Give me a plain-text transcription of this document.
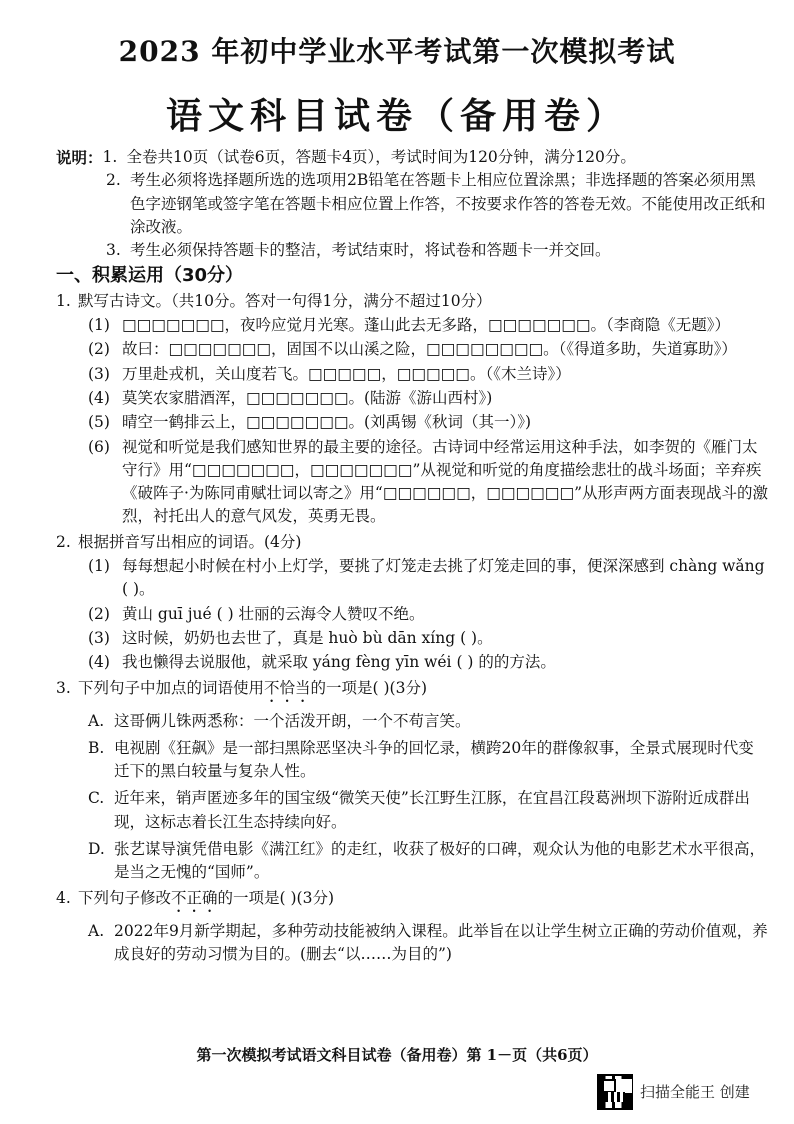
2023 年初中学业水平考试第一次模拟考试
语文科目试卷（备用卷）
说明： 1. 全卷共10页（试卷6页，答题卡4页），考试时间为120分钟，满分120分。
2. 考生必须将选择题所选的选项用2B铅笔在答题卡上相应位置涂黑；非选择题的答案必须用黑色字迹钢笔或签字笔在答题卡相应位置上作答，不按要求作答的答卷无效。不能使用改正纸和涂改液。
3. 考生必须保持答题卡的整洁，考试结束时，将试卷和答题卡一并交回。
一、积累运用（30分）
1. 默写古诗文。（共10分。答对一句得1分，满分不超过10分）
(1) □□□□□□□，夜吟应觉月光寒。蓬山此去无多路，□□□□□□□。（李商隐《无题》）
(2) 故曰：□□□□□□□，固国不以山溪之险，□□□□□□□□。（《得道多助，失道寡助》）
(3) 万里赴戎机，关山度若飞。□□□□□，□□□□□。（《木兰诗》）
(4) 莫笑农家腊酒浑，□□□□□□□。(陆游《游山西村》)
(5) 晴空一鹤排云上，□□□□□□□。(刘禹锡《秋词（其一）》)
(6) 视觉和听觉是我们感知世界的最主要的途径。古诗词中经常运用这种手法，如李贺的《雁门太守行》用“□□□□□□□，□□□□□□□”从视觉和听觉的角度描绘悲壮的战斗场面；辛弃疾《破阵子·为陈同甫赋壮词以寄之》用“□□□□□□，□□□□□□”从形声两方面表现战斗的激烈，衬托出人的意气风发，英勇无畏。
2. 根据拼音写出相应的词语。(4分)
(1) 每每想起小时候在村小上灯学，要挑了灯笼走去挑了灯笼走回的事，便深深感到 chàng wǎng ( )。
(2) 黄山 guī jué ( ) 壮丽的云海令人赞叹不绝。
(3) 这时候，奶奶也去世了，真是 huò bù dān xíng ( )。
(4) 我也懒得去说服他，就采取 yáng fèng yīn wéi ( ) 的的方法。
3. 下列句子中加点的词语使用不恰当的一项是( )(3分)
A. 这哥俩儿铢两悉称：一个活泼开朗，一个不苟言笑。
B. 电视剧《狂飙》是一部扫黑除恶坚决斗争的回忆录，横跨20年的群像叙事，全景式展现时代变迁下的黑白较量与复杂人性。
C. 近年来，销声匿迹多年的国宝级“微笑天使”长江野生江豚，在宜昌江段葛洲坝下游附近成群出现，这标志着长江生态持续向好。
D. 张艺谋导演凭借电影《满江红》的走红，收获了极好的口碑，观众认为他的电影艺术水平很高，是当之无愧的“国师”。
4. 下列句子修改不正确的一项是( )(3分)
A. 2022年9月新学期起，多种劳动技能被纳入课程。此举旨在以让学生树立正确的劳动价值观，养成良好的劳动习惯为目的。(删去“以……为目的”)
第一次模拟考试语文科目试卷（备用卷）第 1－页（共6页）
扫描全能王 创建
